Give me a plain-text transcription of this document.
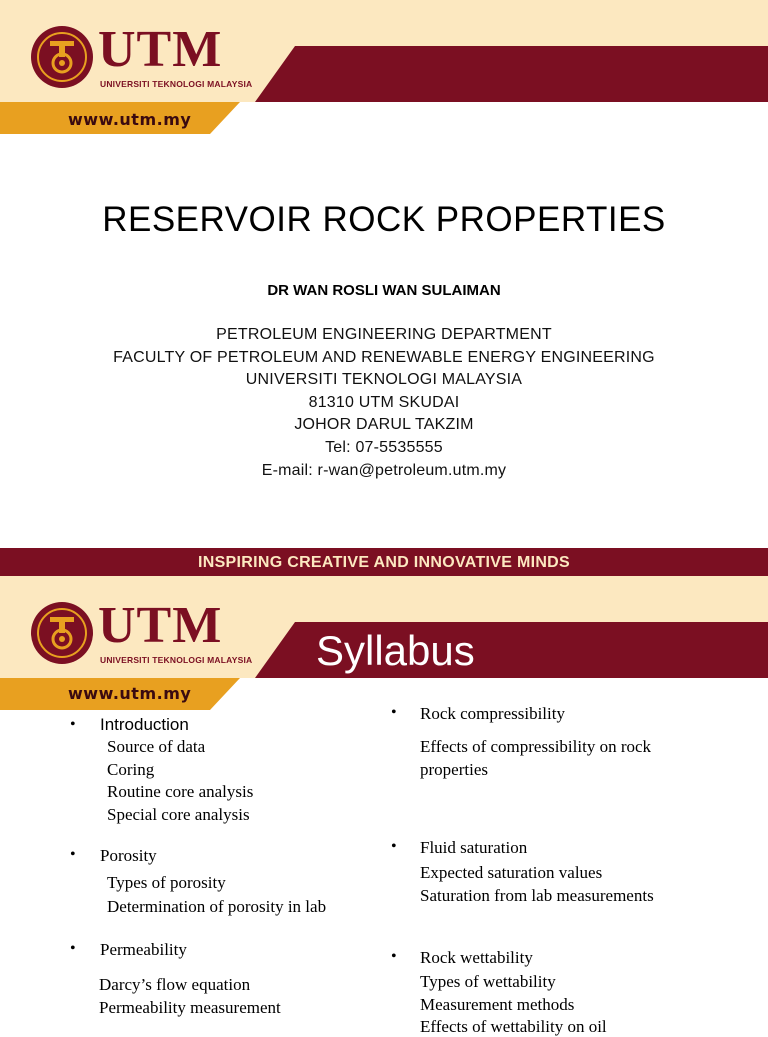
UTM
UNIVERSITI TEKNOLOGI MALAYSIA
www.utm.my
RESERVOIR ROCK PROPERTIES
DR WAN ROSLI WAN SULAIMAN
PETROLEUM ENGINEERING DEPARTMENT
FACULTY OF PETROLEUM AND RENEWABLE ENERGY ENGINEERING
UNIVERSITI TEKNOLOGI MALAYSIA
81310 UTM SKUDAI
JOHOR DARUL TAKZIM
Tel: 07-5535555
E-mail: r-wan@petroleum.utm.my
INSPIRING CREATIVE AND INNOVATIVE MINDS
UTM
UNIVERSITI TEKNOLOGI MALAYSIA
www.utm.my
Syllabus
• Introduction
Source of data
Coring
Routine core analysis
Special core analysis
• Porosity
Types of porosity
Determination of porosity in lab
• Permeability
Darcy’s flow equation
Permeability measurement
• Rock compressibility
Effects of compressibility on rock
properties
• Fluid saturation
Expected saturation values
Saturation from lab measurements
• Rock wettability
Types of wettability
Measurement methods
Effects of wettability on oil
